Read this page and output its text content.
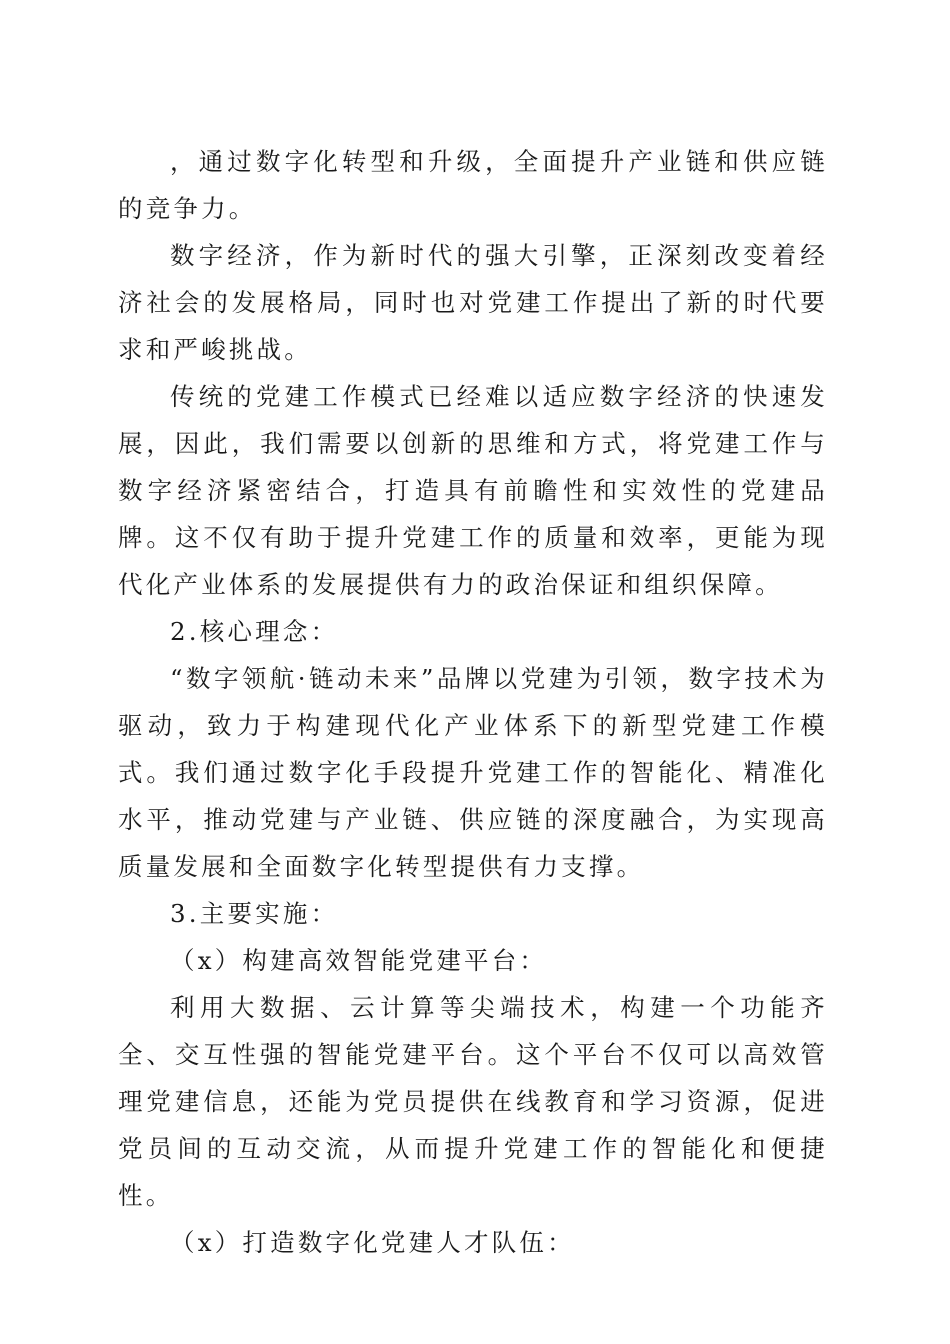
，通过数字化转型和升级，全面提升产业链和供应链的竞争力。

数字经济，作为新时代的强大引擎，正深刻改变着经济社会的发展格局，同时也对党建工作提出了新的时代要求和严峻挑战。

传统的党建工作模式已经难以适应数字经济的快速发展，因此，我们需要以创新的思维和方式，将党建工作与数字经济紧密结合，打造具有前瞻性和实效性的党建品牌。这不仅有助于提升党建工作的质量和效率，更能为现代化产业体系的发展提供有力的政治保证和组织保障。

2.核心理念：

“数字领航·链动未来”品牌以党建为引领，数字技术为驱动，致力于构建现代化产业体系下的新型党建工作模式。我们通过数字化手段提升党建工作的智能化、精准化水平，推动党建与产业链、供应链的深度融合，为实现高质量发展和全面数字化转型提供有力支撑。

3.主要实施：

（x）构建高效智能党建平台：

利用大数据、云计算等尖端技术，构建一个功能齐全、交互性强的智能党建平台。这个平台不仅可以高效管理党建信息，还能为党员提供在线教育和学习资源，促进党员间的互动交流，从而提升党建工作的智能化和便捷性。

（x）打造数字化党建人才队伍：
